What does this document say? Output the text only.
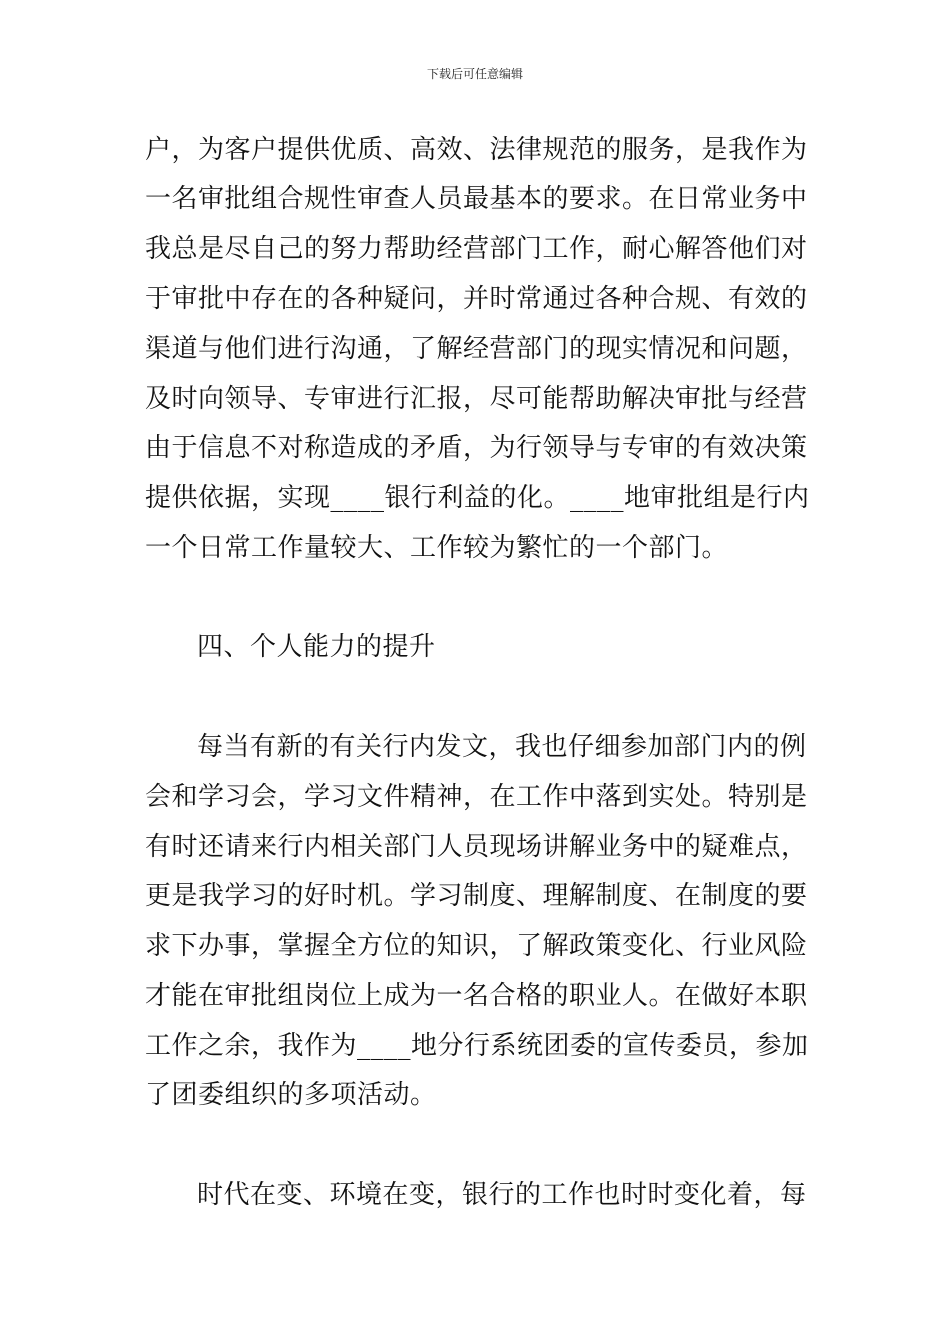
下载后可任意编辑
户，为客户提供优质、高效、法律规范的服务，是我作为
一名审批组合规性审查人员最基本的要求。在日常业务中
我总是尽自己的努力帮助经营部门工作，耐心解答他们对
于审批中存在的各种疑问，并时常通过各种合规、有效的
渠道与他们进行沟通，了解经营部门的现实情况和问题，
及时向领导、专审进行汇报，尽可能帮助解决审批与经营
由于信息不对称造成的矛盾，为行领导与专审的有效决策
提供依据，实现____银行利益的化。____地审批组是行内
一个日常工作量较大、工作较为繁忙的一个部门。
四、个人能力的提升
每当有新的有关行内发文，我也仔细参加部门内的例
会和学习会，学习文件精神，在工作中落到实处。特别是
有时还请来行内相关部门人员现场讲解业务中的疑难点，
更是我学习的好时机。学习制度、理解制度、在制度的要
求下办事，掌握全方位的知识，了解政策变化、行业风险
才能在审批组岗位上成为一名合格的职业人。在做好本职
工作之余，我作为____地分行系统团委的宣传委员，参加
了团委组织的多项活动。
时代在变、环境在变，银行的工作也时时变化着，每
